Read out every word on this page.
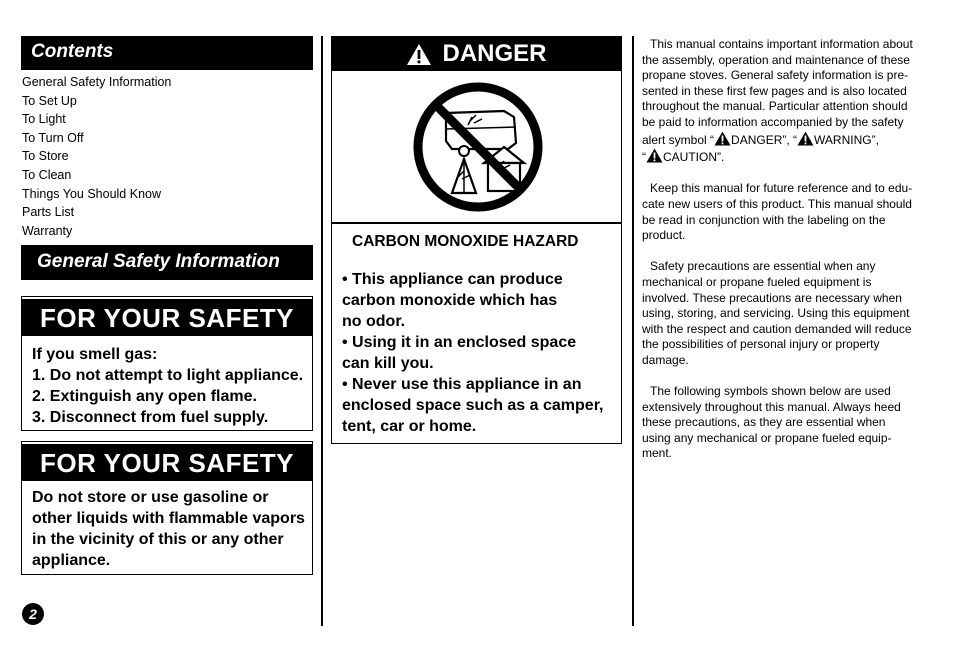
Contents
General Safety Information
To Set Up
To Light
To Turn Off
To Store
To Clean
Things You Should Know
Parts List
Warranty
General Safety Information
FOR YOUR SAFETY
If you smell gas:
1. Do not attempt to light appliance.
2. Extinguish any open flame.
3. Disconnect from fuel supply.
FOR YOUR SAFETY
Do not store or use gasoline or
other liquids with flammable vapors
in the vicinity of this or any other
appliance.
2
DANGER
CARBON MONOXIDE HAZARD
• This appliance can produce
carbon monoxide which has
no odor.
• Using it in an enclosed space
can kill you.
• Never use this appliance in an
enclosed space such as a camper,
tent, car or home.

This manual contains important information about
the assembly, operation and maintenance of these
propane stoves. General safety information is pre-
sented in these first few pages and is also located
throughout the manual. Particular attention should
be paid to information accompanied by the safety
alert symbol “ DANGER”, “ WARNING”,
“ CAUTION”.

Keep this manual for future reference and to edu-
cate new users of this product. This manual should
be read in conjunction with the labeling on the
product.

Safety precautions are essential when any
mechanical or propane fueled equipment is
involved. These precautions are necessary when
using, storing, and servicing. Using this equipment
with the respect and caution demanded will reduce
the possibilities of personal injury or property
damage.

The following symbols shown below are used
extensively throughout this manual. Always heed
these precautions, as they are essential when
using any mechanical or propane fueled equip-
ment.
